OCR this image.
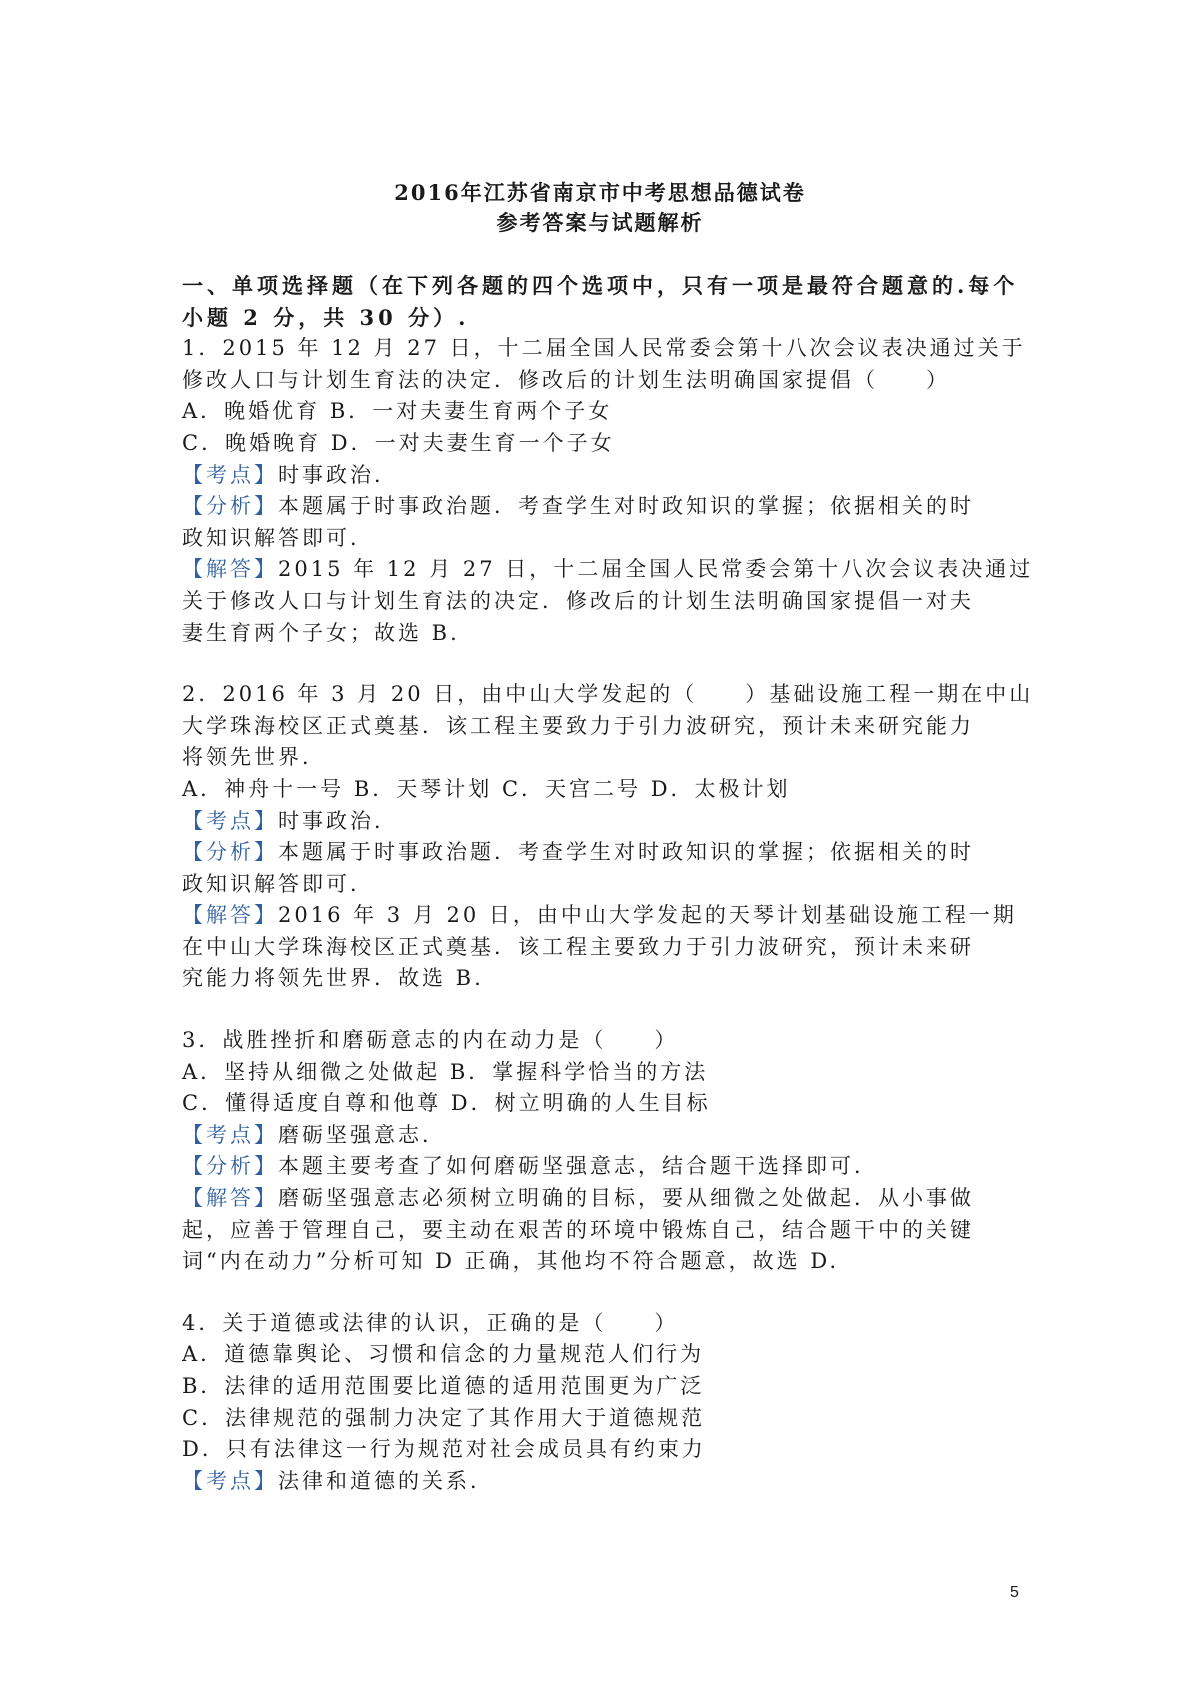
2016年江苏省南京市中考思想品德试卷

参考答案与试题解析

一、单项选择题（在下列各题的四个选项中，只有一项是最符合题意的.每个
小题 2 分，共 30 分）.
1．2015 年 12 月 27 日，十二届全国人民常委会第十八次会议表决通过关于
修改人口与计划生育法的决定．修改后的计划生法明确国家提倡（　　）
A．晚婚优育 B．一对夫妻生育两个子女
C．晚婚晚育 D．一对夫妻生育一个子女
【考点】时事政治．
【分析】本题属于时事政治题．考查学生对时政知识的掌握；依据相关的时
政知识解答即可．
【解答】2015 年 12 月 27 日，十二届全国人民常委会第十八次会议表决通过
关于修改人口与计划生育法的决定．修改后的计划生法明确国家提倡一对夫
妻生育两个子女；故选 B.
2．2016 年 3 月 20 日，由中山大学发起的（　　）基础设施工程一期在中山
大学珠海校区正式奠基．该工程主要致力于引力波研究，预计未来研究能力
将领先世界．
A．神舟十一号 B．天琴计划 C．天宫二号 D．太极计划
【考点】时事政治．
【分析】本题属于时事政治题．考查学生对时政知识的掌握；依据相关的时
政知识解答即可．
【解答】2016 年 3 月 20 日，由中山大学发起的天琴计划基础设施工程一期
在中山大学珠海校区正式奠基．该工程主要致力于引力波研究，预计未来研
究能力将领先世界．故选 B.
3．战胜挫折和磨砺意志的内在动力是（　　）
A．坚持从细微之处做起 B．掌握科学恰当的方法
C．懂得适度自尊和他尊 D．树立明确的人生目标
【考点】磨砺坚强意志．
【分析】本题主要考查了如何磨砺坚强意志，结合题干选择即可．
【解答】磨砺坚强意志必须树立明确的目标，要从细微之处做起．从小事做
起，应善于管理自己，要主动在艰苦的环境中锻炼自己，结合题干中的关键
词“内在动力”分析可知 D 正确，其他均不符合题意，故选 D.
4．关于道德或法律的认识，正确的是（　　）
A．道德靠舆论、习惯和信念的力量规范人们行为
B．法律的适用范围要比道德的适用范围更为广泛
C．法律规范的强制力决定了其作用大于道德规范
D．只有法律这一行为规范对社会成员具有约束力
【考点】法律和道德的关系．
5
